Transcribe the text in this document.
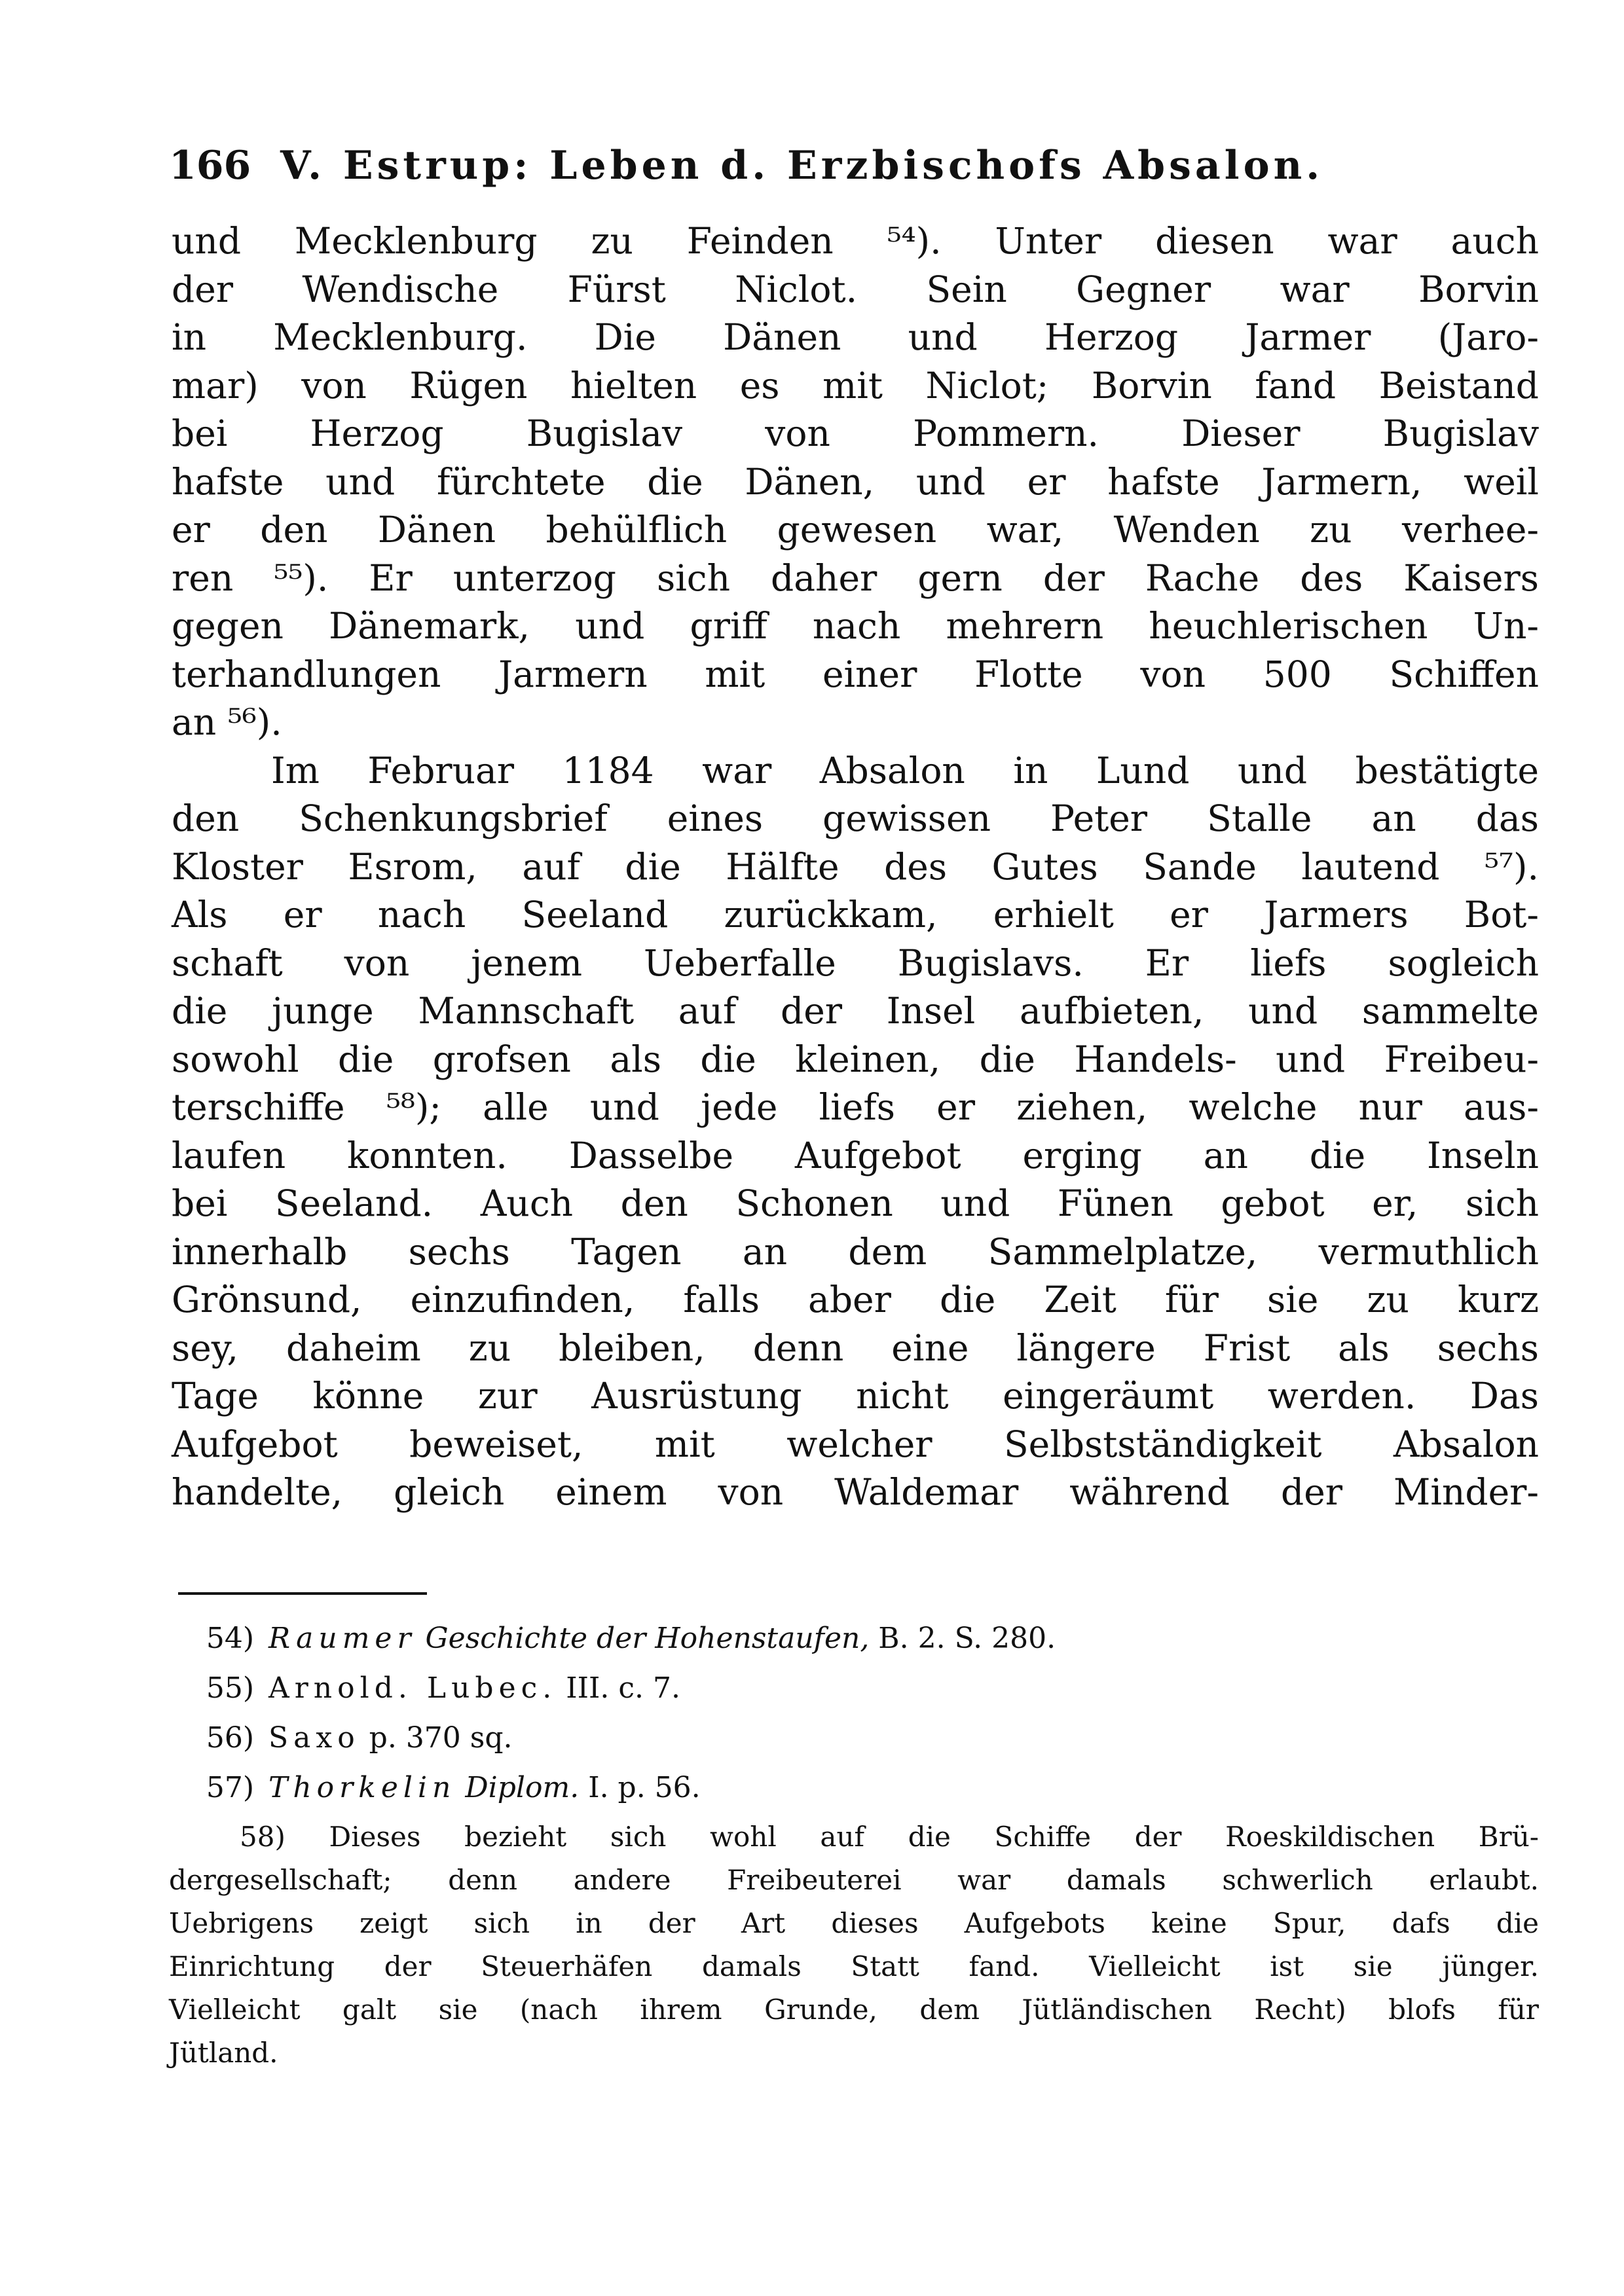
166 V. Estrup: Leben d. Erzbischofs Absalon.
und Mecklenburg zu Feinden ⁵⁴). Unter diesen war auch
der Wendische Fürst Niclot. Sein Gegner war Borvin
in Mecklenburg. Die Dänen und Herzog Jarmer (Jaro-
mar) von Rügen hielten es mit Niclot; Borvin fand Beistand
bei Herzog Bugislav von Pommern. Dieser Bugislav
hafste und fürchtete die Dänen, und er hafste Jarmern, weil
er den Dänen behülflich gewesen war, Wenden zu verhee-
ren ⁵⁵). Er unterzog sich daher gern der Rache des Kaisers
gegen Dänemark, und griff nach mehrern heuchlerischen Un-
terhandlungen Jarmern mit einer Flotte von 500 Schiffen
an ⁵⁶).
Im Februar 1184 war Absalon in Lund und bestätigte
den Schenkungsbrief eines gewissen Peter Stalle an das
Kloster Esrom, auf die Hälfte des Gutes Sande lautend ⁵⁷).
Als er nach Seeland zurückkam, erhielt er Jarmers Bot-
schaft von jenem Ueberfalle Bugislavs. Er liefs sogleich
die junge Mannschaft auf der Insel aufbieten, und sammelte
sowohl die grofsen als die kleinen, die Handels- und Freibeu-
terschiffe ⁵⁸); alle und jede liefs er ziehen, welche nur aus-
laufen konnten. Dasselbe Aufgebot erging an die Inseln
bei Seeland. Auch den Schonen und Fünen gebot er, sich
innerhalb sechs Tagen an dem Sammelplatze, vermuthlich
Grönsund, einzufinden, falls aber die Zeit für sie zu kurz
sey, daheim zu bleiben, denn eine längere Frist als sechs
Tage könne zur Ausrüstung nicht eingeräumt werden. Das
Aufgebot beweiset, mit welcher Selbstständigkeit Absalon
handelte, gleich einem von Waldemar während der Minder-
54) Raumer Geschichte der Hohenstaufen, B. 2. S. 280.
55) Arnold. Lubec. III. c. 7.
56) Saxo p. 370 sq.
57) Thorkelin Diplom. I. p. 56.
58) Dieses bezieht sich wohl auf die Schiffe der Roeskildischen Brü-
dergesellschaft; denn andere Freibeuterei war damals schwerlich erlaubt.
Uebrigens zeigt sich in der Art dieses Aufgebots keine Spur, dafs die
Einrichtung der Steuerhäfen damals Statt fand. Vielleicht ist sie jünger.
Vielleicht galt sie (nach ihrem Grunde, dem Jütländischen Recht) blofs für
Jütland.
